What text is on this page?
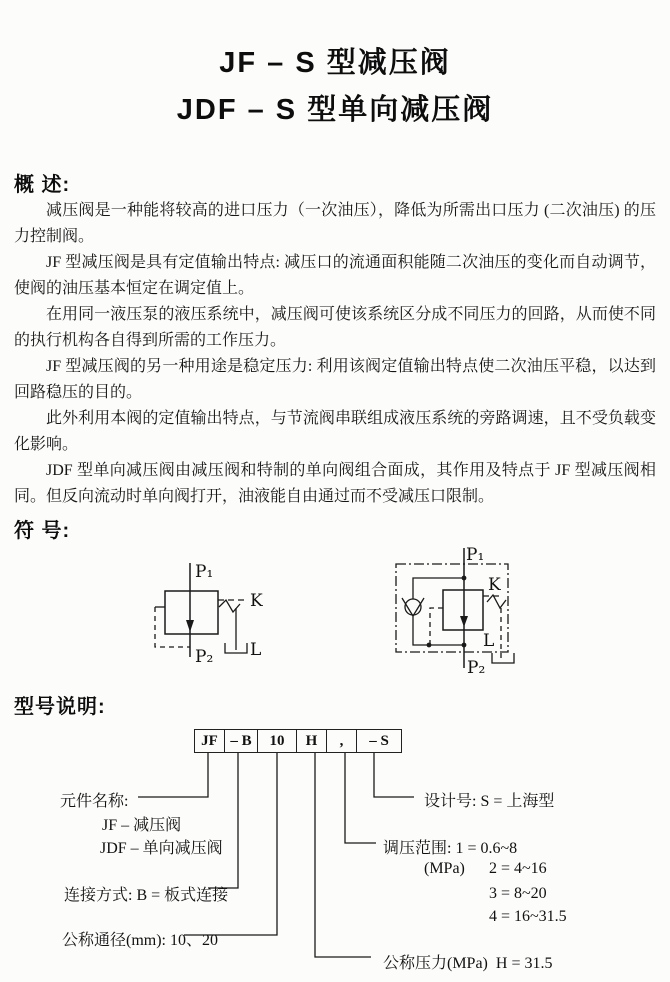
JF – S 型减压阀
JDF – S 型单向减压阀
概 述:

减压阀是一种能将较高的进口压力（一次油压），降低为所需出口压力 (二次油压) 的压力控制阀。

JF 型减压阀是具有定值输出特点: 减压口的流通面积能随二次油压的变化而自动调节，使阀的油压基本恒定在调定值上。

在用同一液压泵的液压系统中，减压阀可使该系统区分成不同压力的回路，从而使不同的执行机构各自得到所需的工作压力。

JF 型减压阀的另一种用途是稳定压力: 利用该阀定值输出特点使二次油压平稳，以达到回路稳压的目的。

此外利用本阀的定值输出特点，与节流阀串联组成液压系统的旁路调速，且不受负载变化影响。

JDF 型单向减压阀由减压阀和特制的单向阀组合面成，其作用及特点于 JF 型减压阀相同。但反向流动时单向阀打开，油液能自由通过而不受减压口限制。

符 号:
P₁
P₂
K
L
P₁
P₂
K
L
型号说明:
JF – B	10	H	,	– S
元件名称:
JF – 减压阀
JDF – 单向减压阀
连接方式: B = 板式连接
公称通径(mm): 10、20
公称压力(MPa)  H = 31.5
调压范围: 1 = 0.6~8
(MPa) 2 = 4~16
3 = 8~20
4 = 16~31.5
设计号: S = 上海型
